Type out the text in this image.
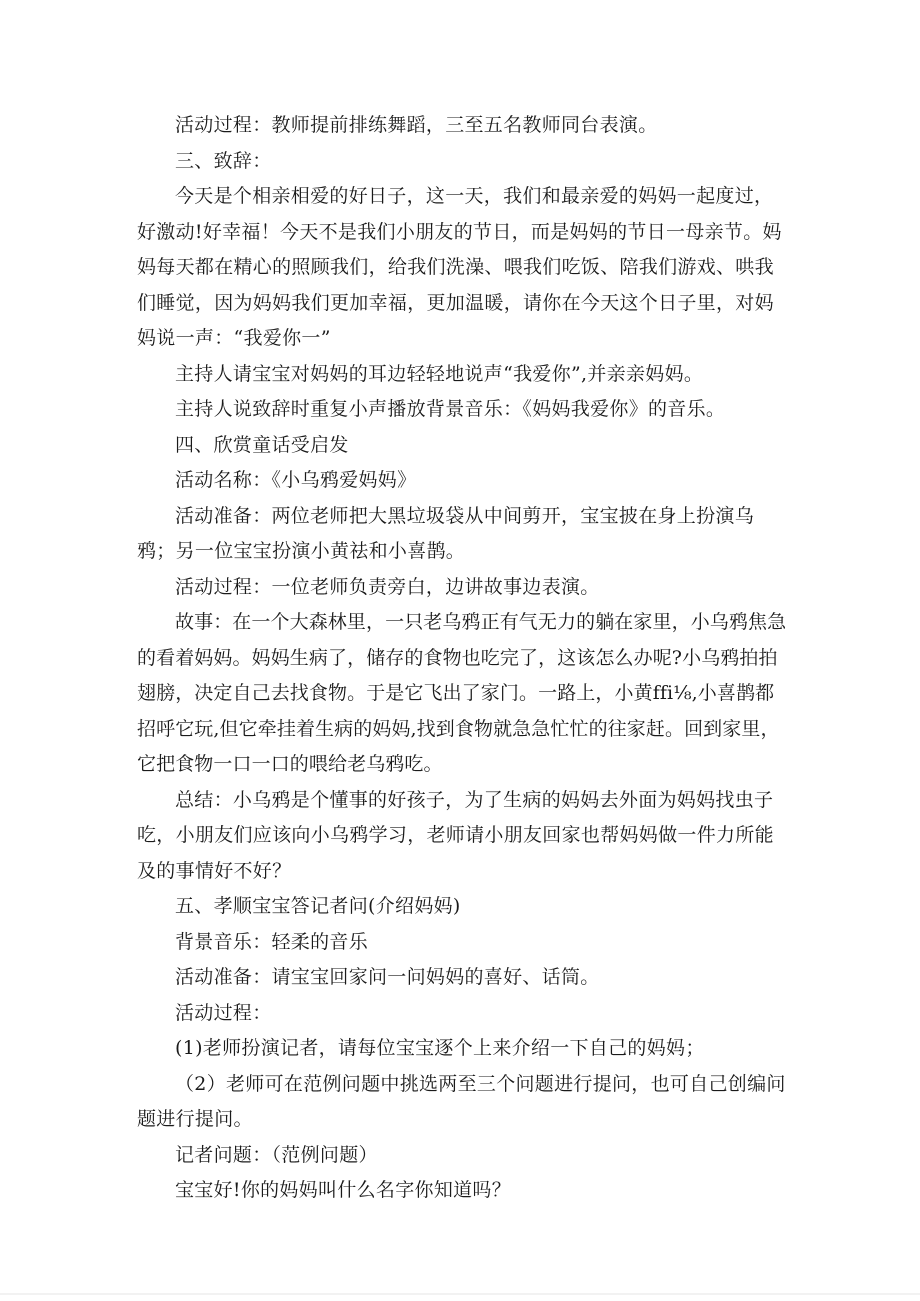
活动过程：教师提前排练舞蹈，三至五名教师同台表演。

三、致辞：

今天是个相亲相爱的好日子，这一天，我们和最亲爱的妈妈一起度过，好激动!好幸福！今天不是我们小朋友的节日，而是妈妈的节日一母亲节。妈妈每天都在精心的照顾我们，给我们洗澡、喂我们吃饭、陪我们游戏、哄我们睡觉，因为妈妈我们更加幸福，更加温暖，请你在今天这个日子里，对妈妈说一声：“我爱你一”

主持人请宝宝对妈妈的耳边轻轻地说声“我爱你”,并亲亲妈妈。

主持人说致辞时重复小声播放背景音乐：《妈妈我爱你》的音乐。

四、欣赏童话受启发

活动名称：《小乌鸦爱妈妈》

活动准备：两位老师把大黑垃圾袋从中间剪开，宝宝披在身上扮演乌鸦；另一位宝宝扮演小黄祛和小喜鹊。

活动过程：一位老师负责旁白，边讲故事边表演。

故事：在一个大森林里，一只老乌鸦正有气无力的躺在家里，小乌鸦焦急的看着妈妈。妈妈生病了，储存的食物也吃完了，这该怎么办呢?小乌鸦拍拍翅膀，决定自己去找食物。于是它飞出了家门。一路上，小黄ffi⅛,小喜鹊都招呼它玩,但它牵挂着生病的妈妈,找到食物就急急忙忙的往家赶。回到家里，它把食物一口一口的喂给老乌鸦吃。

总结：小乌鸦是个懂事的好孩子，为了生病的妈妈去外面为妈妈找虫子吃，小朋友们应该向小乌鸦学习，老师请小朋友回家也帮妈妈做一件力所能及的事情好不好？

五、孝顺宝宝答记者问(介绍妈妈)

背景音乐：轻柔的音乐

活动准备：请宝宝回家问一问妈妈的喜好、话筒。

活动过程：

(1)老师扮演记者，请每位宝宝逐个上来介绍一下自己的妈妈；

（2）老师可在范例问题中挑选两至三个问题进行提问，也可自己创编问题进行提问。

记者问题：（范例问题）

宝宝好!你的妈妈叫什么名字你知道吗？
